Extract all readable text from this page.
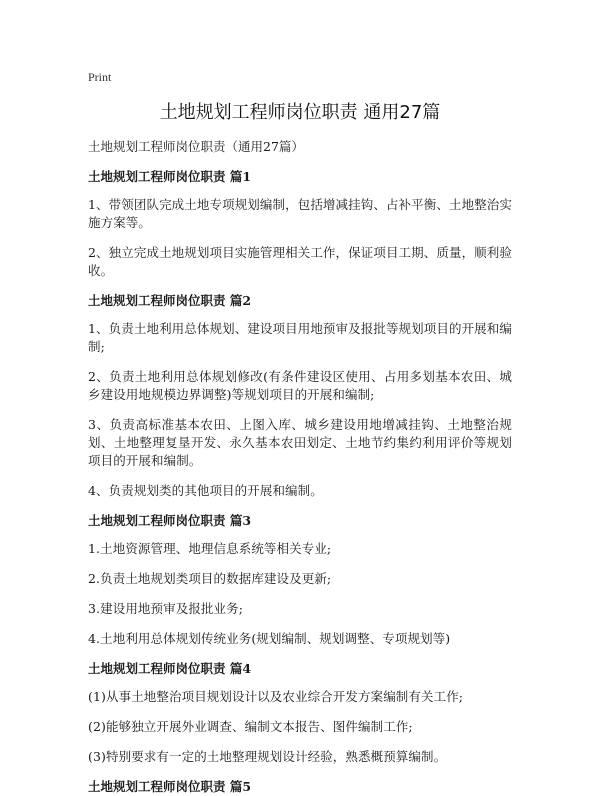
Print
土地规划工程师岗位职责 通用27篇

土地规划工程师岗位职责（通用27篇）

土地规划工程师岗位职责 篇1

1、带领团队完成土地专项规划编制，包括增减挂钩、占补平衡、土地整治实施方案等。

2、独立完成土地规划项目实施管理相关工作，保证项目工期、质量，顺利验收。

土地规划工程师岗位职责 篇2

1、负责土地利用总体规划、建设项目用地预审及报批等规划项目的开展和编制;

2、负责土地利用总体规划修改(有条件建设区使用、占用多划基本农田、城乡建设用地规模边界调整)等规划项目的开展和编制;

3、负责高标准基本农田、上图入库、城乡建设用地增减挂钩、土地整治规划、土地整理复垦开发、永久基本农田划定、土地节约集约利用评价等规划项目的开展和编制。

4、负责规划类的其他项目的开展和编制。

土地规划工程师岗位职责 篇3

1.土地资源管理、地理信息系统等相关专业;

2.负责土地规划类项目的数据库建设及更新;

3.建设用地预审及报批业务;

4.土地利用总体规划传统业务(规划编制、规划调整、专项规划等)

土地规划工程师岗位职责 篇4

(1)从事土地整治项目规划设计以及农业综合开发方案编制有关工作;

(2)能够独立开展外业调查、编制文本报告、图件编制工作;

(3)特别要求有一定的土地整理规划设计经验，熟悉概预算编制。

土地规划工程师岗位职责 篇5
